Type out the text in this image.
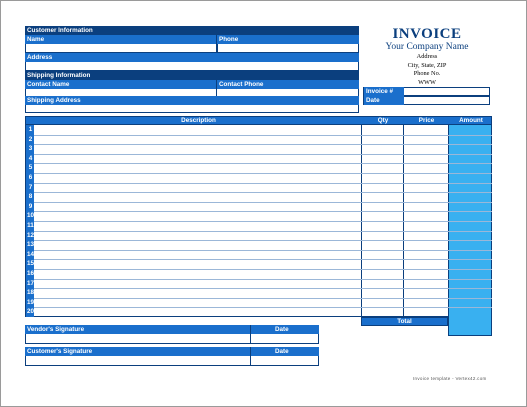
Customer Information
Name	Phone
Address
Shipping Information
Contact Name	Contact Phone
Shipping Address
INVOICE
Your Company Name
Address
City, State, ZIP
Phone No.
WWW
Invoice #
Date
Description	Qty	Price	Amount
1
2
3
4
5
6
7
8
9
10
11
12
13
14
15
16
17
18
19
20
Total
Vendor's Signature	Date
Customer's Signature	Date
Invoice template - Vertex42.com
